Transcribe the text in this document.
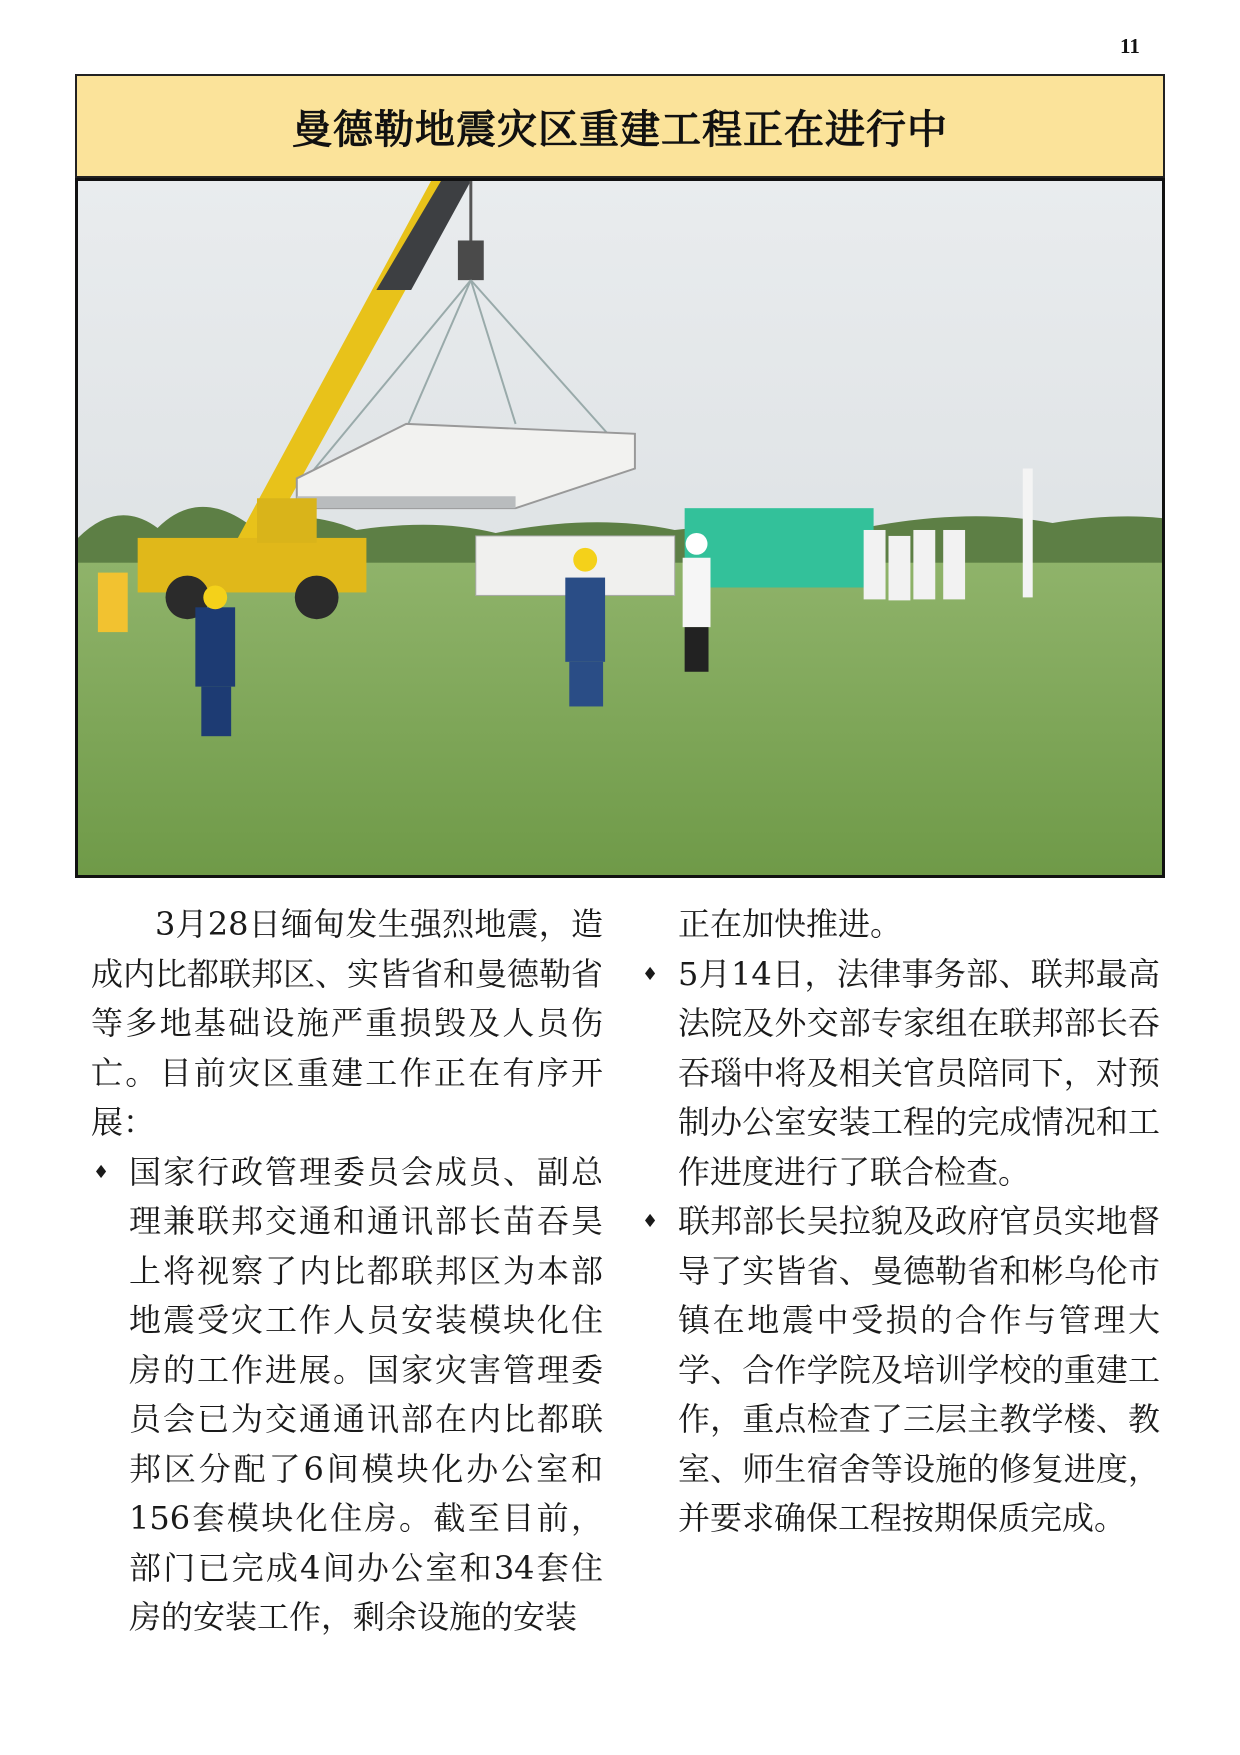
11
曼德勒地震灾区重建工程正在进行中

3月28日缅甸发生强烈地震，造成内比都联邦区、实皆省和曼德勒省等多地基础设施严重损毁及人员伤亡。目前灾区重建工作正在有序开展：

♦ 国家行政管理委员会成员、副总理兼联邦交通和通讯部长苗吞昊上将视察了内比都联邦区为本部地震受灾工作人员安装模块化住房的工作进展。国家灾害管理委员会已为交通通讯部在内比都联邦区分配了6间模块化办公室和156套模块化住房。截至目前，部门已完成4间办公室和34套住房的安装工作，剩余设施的安装
正在加快推进。
♦ 5月14日，法律事务部、联邦最高法院及外交部专家组在联邦部长吞吞瑙中将及相关官员陪同下，对预制办公室安装工程的完成情况和工作进度进行了联合检查。
♦ 联邦部长吴拉貌及政府官员实地督导了实皆省、曼德勒省和彬乌伦市镇在地震中受损的合作与管理大学、合作学院及培训学校的重建工作，重点检查了三层主教学楼、教室、师生宿舍等设施的修复进度，并要求确保工程按期保质完成。
